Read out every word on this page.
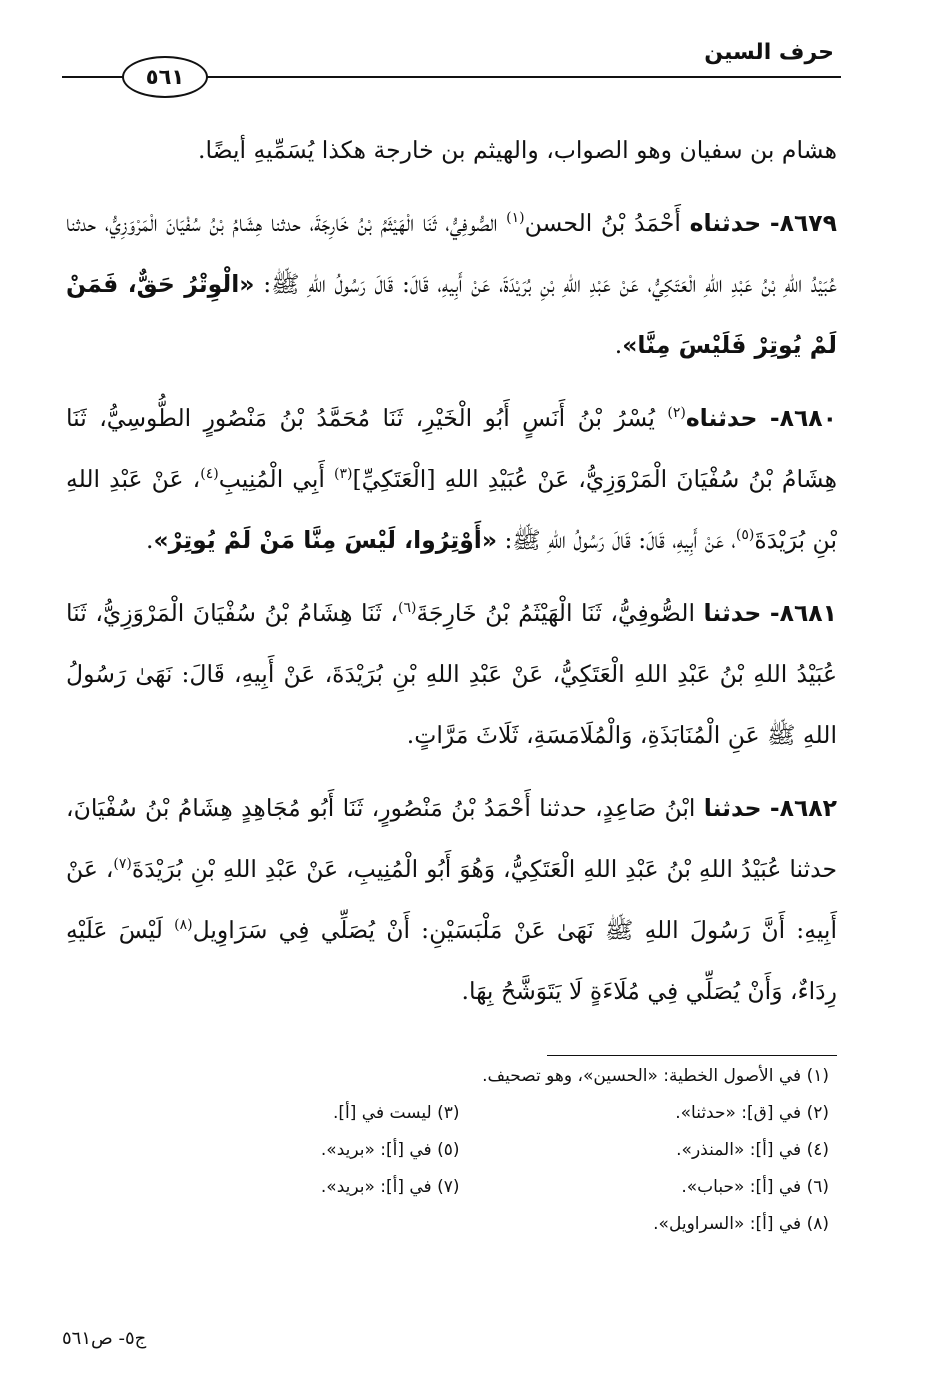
حرف السين
٥٦١

هشام بن سفيان وهو الصواب، والهيثم بن خارجة هكذا يُسَمِّيهِ أيضًا.

٨٦٧٩- حدثناه أَحْمَدُ بْنُ الحسن$^{(١)}$ الصُّوفِيُّ، ثَنَا الْهَيْثَمُ بْنُ خَارِجَةَ، حدثنا هِشَامُ بْنُ سُفْيَانَ الْمَرْوَزِيُّ، حدثنا عُبَيْدُ اللهِ بْنُ عَبْدِ اللهِ الْعَتَكِيُّ، عَنْ عَبْدِ اللهِ بْنِ بُرَيْدَةَ، عَنْ أَبِيهِ، قَالَ: قَالَ رَسُولُ اللهِ ﷺ: «الْوِتْرُ حَقٌّ، فَمَنْ لَمْ يُوتِرْ فَلَيْسَ مِنَّا».

٨٦٨٠- حدثناه$^{(٢)}$ يُسْرُ بْنُ أَنَسٍ أَبُو الْخَيْرِ، ثَنَا مُحَمَّدُ بْنُ مَنْصُورٍ الطُّوسِيُّ، ثَنَا هِشَامُ بْنُ سُفْيَانَ الْمَرْوَزِيُّ، عَنْ عُبَيْدِ اللهِ [الْعَتَكِيِّ]$^{(٣)}$ أَبِي الْمُنِيبِ$^{(٤)}$، عَنْ عَبْدِ اللهِ بْنِ بُرَيْدَةَ$^{(٥)}$، عَنْ أَبِيهِ، قَالَ: قَالَ رَسُولُ اللهِ ﷺ: «أَوْتِرُوا، لَيْسَ مِنَّا مَنْ لَمْ يُوتِرْ».

٨٦٨١- حدثنا الصُّوفِيُّ، ثَنَا الْهَيْثَمُ بْنُ خَارِجَةَ$^{(٦)}$، ثَنَا هِشَامُ بْنُ سُفْيَانَ الْمَرْوَزِيُّ، ثَنَا عُبَيْدُ اللهِ بْنُ عَبْدِ اللهِ الْعَتَكِيُّ، عَنْ عَبْدِ اللهِ بْنِ بُرَيْدَةَ، عَنْ أَبِيهِ، قَالَ: نَهَىٰ رَسُولُ اللهِ ﷺ عَنِ الْمُنَابَذَةِ، وَالْمُلَامَسَةِ، ثَلَاثَ مَرَّاتٍ.

٨٦٨٢- حدثنا ابْنُ صَاعِدٍ، حدثنا أَحْمَدُ بْنُ مَنْصُورٍ، ثَنَا أَبُو مُجَاهِدٍ هِشَامُ بْنُ سُفْيَانَ، حدثنا عُبَيْدُ اللهِ بْنُ عَبْدِ اللهِ الْعَتَكِيُّ، وَهُوَ أَبُو الْمُنِيبِ، عَنْ عَبْدِ اللهِ بْنِ بُرَيْدَةَ$^{(٧)}$، عَنْ أَبِيهِ: أَنَّ رَسُولَ اللهِ ﷺ نَهَىٰ عَنْ مَلْبَسَيْنِ: أَنْ يُصَلِّي فِي سَرَاوِيل$^{(٨)}$ لَيْسَ عَلَيْهِ رِدَاءٌ، وَأَنْ يُصَلِّي فِي مُلَاءَةٍ لَا يَتَوَشَّحُ بِهَا.

(١) في الأصول الخطية: «الحسين»، وهو تصحيف.
(٢) في [ق]: «حدثنا».
(٣) ليست في [أ].
(٤) في [أ]: «المنذر».
(٥) في [أ]: «بريد».
(٦) في [أ]: «حباب».
(٧) في [أ]: «بريد».
(٨) في [أ]: «السراويل».
ج٥- ص٥٦١
